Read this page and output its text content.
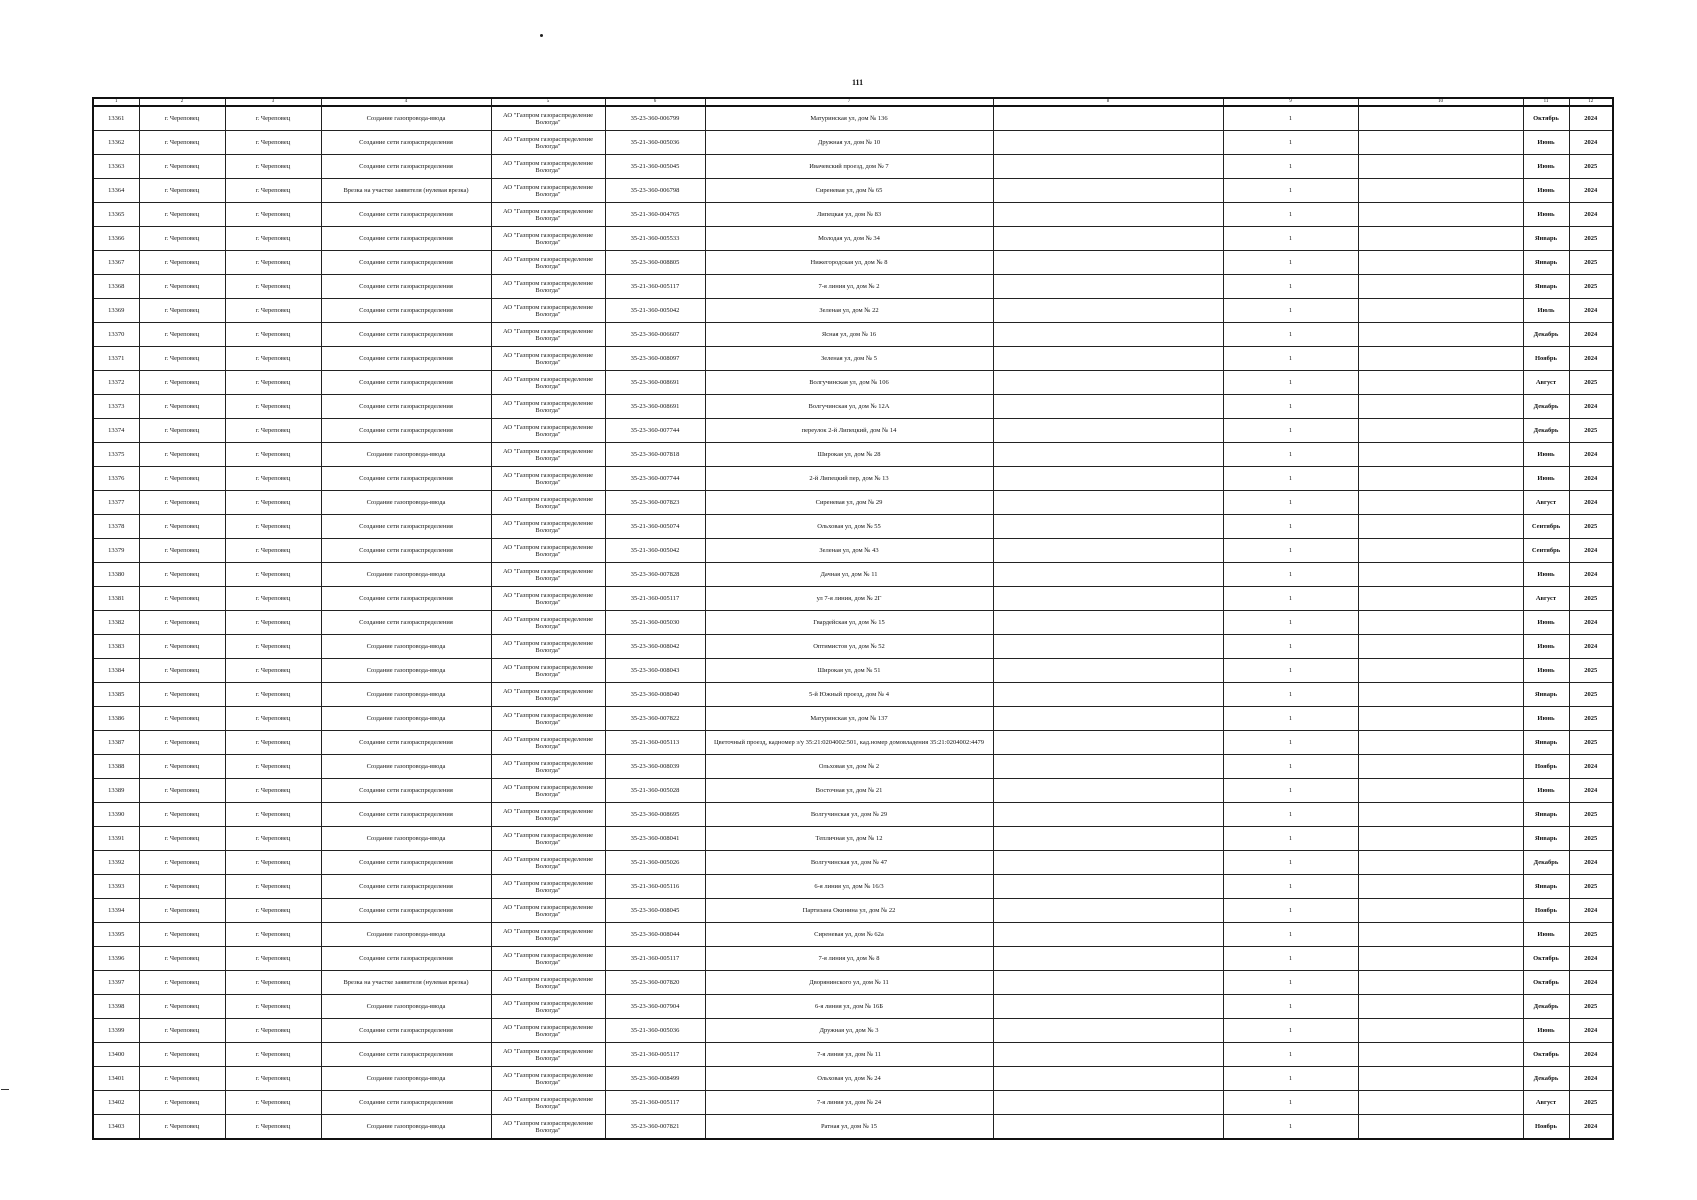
111
1	2	3	4	5	6	7	8	9	10	11	12
13361	г. Череповец	г. Череповец	Создание газопровода-ввода	АО "Газпром газораспределение Вологда"	35-23-360-006799	Матуринская ул, дом № 136		1		Октябрь	2024
13362	г. Череповец	г. Череповец	Создание сети газораспределения	АО "Газпром газораспределение Вологда"	35-21-360-005036	Дружная ул, дом № 10		1		Июнь	2024
13363	г. Череповец	г. Череповец	Создание сети газораспределения	АО "Газпром газораспределение Вологда"	35-21-360-005045	Ивачевский проезд, дом № 7		1		Июнь	2025
13364	г. Череповец	г. Череповец	Врезка на участке заявителя (нулевая врезка)	АО "Газпром газораспределение Вологда"	35-23-360-006798	Сиреневая ул, дом № 65		1		Июнь	2024
13365	г. Череповец	г. Череповец	Создание сети газораспределения	АО "Газпром газораспределение Вологда"	35-21-360-004765	Липецкая ул, дом № 83		1		Июнь	2024
13366	г. Череповец	г. Череповец	Создание сети газораспределения	АО "Газпром газораспределение Вологда"	35-21-360-005533	Молодая ул, дом № 34		1		Январь	2025
13367	г. Череповец	г. Череповец	Создание сети газораспределения	АО "Газпром газораспределение Вологда"	35-23-360-008805	Нижегородская ул, дом № 8		1		Январь	2025
13368	г. Череповец	г. Череповец	Создание сети газораспределения	АО "Газпром газораспределение Вологда"	35-21-360-005117	7-я линия ул, дом № 2		1		Январь	2025
13369	г. Череповец	г. Череповец	Создание сети газораспределения	АО "Газпром газораспределение Вологда"	35-21-360-005042	Зеленая ул, дом № 22		1		Июль	2024
13370	г. Череповец	г. Череповец	Создание сети газораспределения	АО "Газпром газораспределение Вологда"	35-23-360-006607	Ясная ул, дом № 16		1		Декабрь	2024
13371	г. Череповец	г. Череповец	Создание сети газораспределения	АО "Газпром газораспределение Вологда"	35-23-360-008097	Зеленая ул, дом № 5		1		Ноябрь	2024
13372	г. Череповец	г. Череповец	Создание сети газораспределения	АО "Газпром газораспределение Вологда"	35-23-360-008691	Волгучинская ул, дом № 106		1		Август	2025
13373	г. Череповец	г. Череповец	Создание сети газораспределения	АО "Газпром газораспределение Вологда"	35-23-360-008691	Волгучинская ул, дом № 12А		1		Декабрь	2024
13374	г. Череповец	г. Череповец	Создание сети газораспределения	АО "Газпром газораспределение Вологда"	35-23-360-007744	переулок 2-й Липецкий, дом № 14		1		Декабрь	2025
13375	г. Череповец	г. Череповец	Создание газопровода-ввода	АО "Газпром газораспределение Вологда"	35-23-360-007818	Широкая ул, дом № 28		1		Июнь	2024
13376	г. Череповец	г. Череповец	Создание сети газораспределения	АО "Газпром газораспределение Вологда"	35-23-360-007744	2-й Липецкий пер, дом № 13		1		Июнь	2024
13377	г. Череповец	г. Череповец	Создание газопровода-ввода	АО "Газпром газораспределение Вологда"	35-23-360-007823	Сиреневая ул, дом № 29		1		Август	2024
13378	г. Череповец	г. Череповец	Создание сети газораспределения	АО "Газпром газораспределение Вологда"	35-21-360-005074	Ольховая ул, дом № 55		1		Сентябрь	2025
13379	г. Череповец	г. Череповец	Создание сети газораспределения	АО "Газпром газораспределение Вологда"	35-21-360-005042	Зеленая ул, дом № 43		1		Сентябрь	2024
13380	г. Череповец	г. Череповец	Создание газопровода-ввода	АО "Газпром газораспределение Вологда"	35-23-360-007828	Дачная ул, дом № 11		1		Июнь	2024
13381	г. Череповец	г. Череповец	Создание сети газораспределения	АО "Газпром газораспределение Вологда"	35-21-360-005117	ул 7-я линия, дом № 2Г		1		Август	2025
13382	г. Череповец	г. Череповец	Создание сети газораспределения	АО "Газпром газораспределение Вологда"	35-21-360-005030	Гвардейская ул, дом № 15		1		Июнь	2024
13383	г. Череповец	г. Череповец	Создание газопровода-ввода	АО "Газпром газораспределение Вологда"	35-23-360-008042	Оптимистов ул, дом № 52		1		Июнь	2024
13384	г. Череповец	г. Череповец	Создание газопровода-ввода	АО "Газпром газораспределение Вологда"	35-23-360-008043	Широкая ул, дом № 51		1		Июнь	2025
13385	г. Череповец	г. Череповец	Создание газопровода-ввода	АО "Газпром газораспределение Вологда"	35-23-360-008040	5-й Южный проезд, дом № 4		1		Январь	2025
13386	г. Череповец	г. Череповец	Создание газопровода-ввода	АО "Газпром газораспределение Вологда"	35-23-360-007822	Матуринская ул, дом № 137		1		Июнь	2025
13387	г. Череповец	г. Череповец	Создание сети газораспределения	АО "Газпром газораспределение Вологда"	35-21-360-005113	Цветочный проезд, кадномер з/у 35:21:0204002:501, кад.номер домовладения 35:21:0204002:4479		1		Январь	2025
13388	г. Череповец	г. Череповец	Создание газопровода-ввода	АО "Газпром газораспределение Вологда"	35-23-360-008039	Ольховая ул, дом № 2		1		Ноябрь	2024
13389	г. Череповец	г. Череповец	Создание сети газораспределения	АО "Газпром газораспределение Вологда"	35-21-360-005028	Восточная ул, дом № 21		1		Июнь	2024
13390	г. Череповец	г. Череповец	Создание сети газораспределения	АО "Газпром газораспределение Вологда"	35-23-360-008695	Волгучинская ул, дом № 29		1		Январь	2025
13391	г. Череповец	г. Череповец	Создание газопровода-ввода	АО "Газпром газораспределение Вологда"	35-23-360-008041	Тепличная ул, дом № 12		1		Январь	2025
13392	г. Череповец	г. Череповец	Создание сети газораспределения	АО "Газпром газораспределение Вологда"	35-21-360-005026	Волгучинская ул, дом № 47		1		Декабрь	2024
13393	г. Череповец	г. Череповец	Создание сети газораспределения	АО "Газпром газораспределение Вологда"	35-21-360-005116	6-я линия ул, дом № 16/3		1		Январь	2025
13394	г. Череповец	г. Череповец	Создание сети газораспределения	АО "Газпром газораспределение Вологда"	35-23-360-008045	Партизана Окинина ул, дом № 22		1		Ноябрь	2024
13395	г. Череповец	г. Череповец	Создание газопровода-ввода	АО "Газпром газораспределение Вологда"	35-23-360-008044	Сиреневая ул, дом № 62а		1		Июнь	2025
13396	г. Череповец	г. Череповец	Создание сети газораспределения	АО "Газпром газораспределение Вологда"	35-21-360-005117	7-я линия ул, дом № 8		1		Октябрь	2024
13397	г. Череповец	г. Череповец	Врезка на участке заявителя (нулевая врезка)	АО "Газпром газораспределение Вологда"	35-23-360-007820	Дворянинского ул, дом № 11		1		Октябрь	2024
13398	г. Череповец	г. Череповец	Создание газопровода-ввода	АО "Газпром газораспределение Вологда"	35-23-360-007904	6-я линия ул, дом № 16Б		1		Декабрь	2025
13399	г. Череповец	г. Череповец	Создание сети газораспределения	АО "Газпром газораспределение Вологда"	35-21-360-005036	Дружная ул, дом № 3		1		Июнь	2024
13400	г. Череповец	г. Череповец	Создание сети газораспределения	АО "Газпром газораспределение Вологда"	35-21-360-005117	7-я линия ул, дом № 11		1		Октябрь	2024
13401	г. Череповец	г. Череповец	Создание газопровода-ввода	АО "Газпром газораспределение Вологда"	35-23-360-008499	Ольховая ул, дом № 24		1		Декабрь	2024
13402	г. Череповец	г. Череповец	Создание сети газораспределения	АО "Газпром газораспределение Вологда"	35-21-360-005117	7-я линия ул, дом № 24		1		Август	2025
13403	г. Череповец	г. Череповец	Создание газопровода-ввода	АО "Газпром газораспределение Вологда"	35-23-360-007821	Ратная ул, дом № 15		1		Ноябрь	2024
